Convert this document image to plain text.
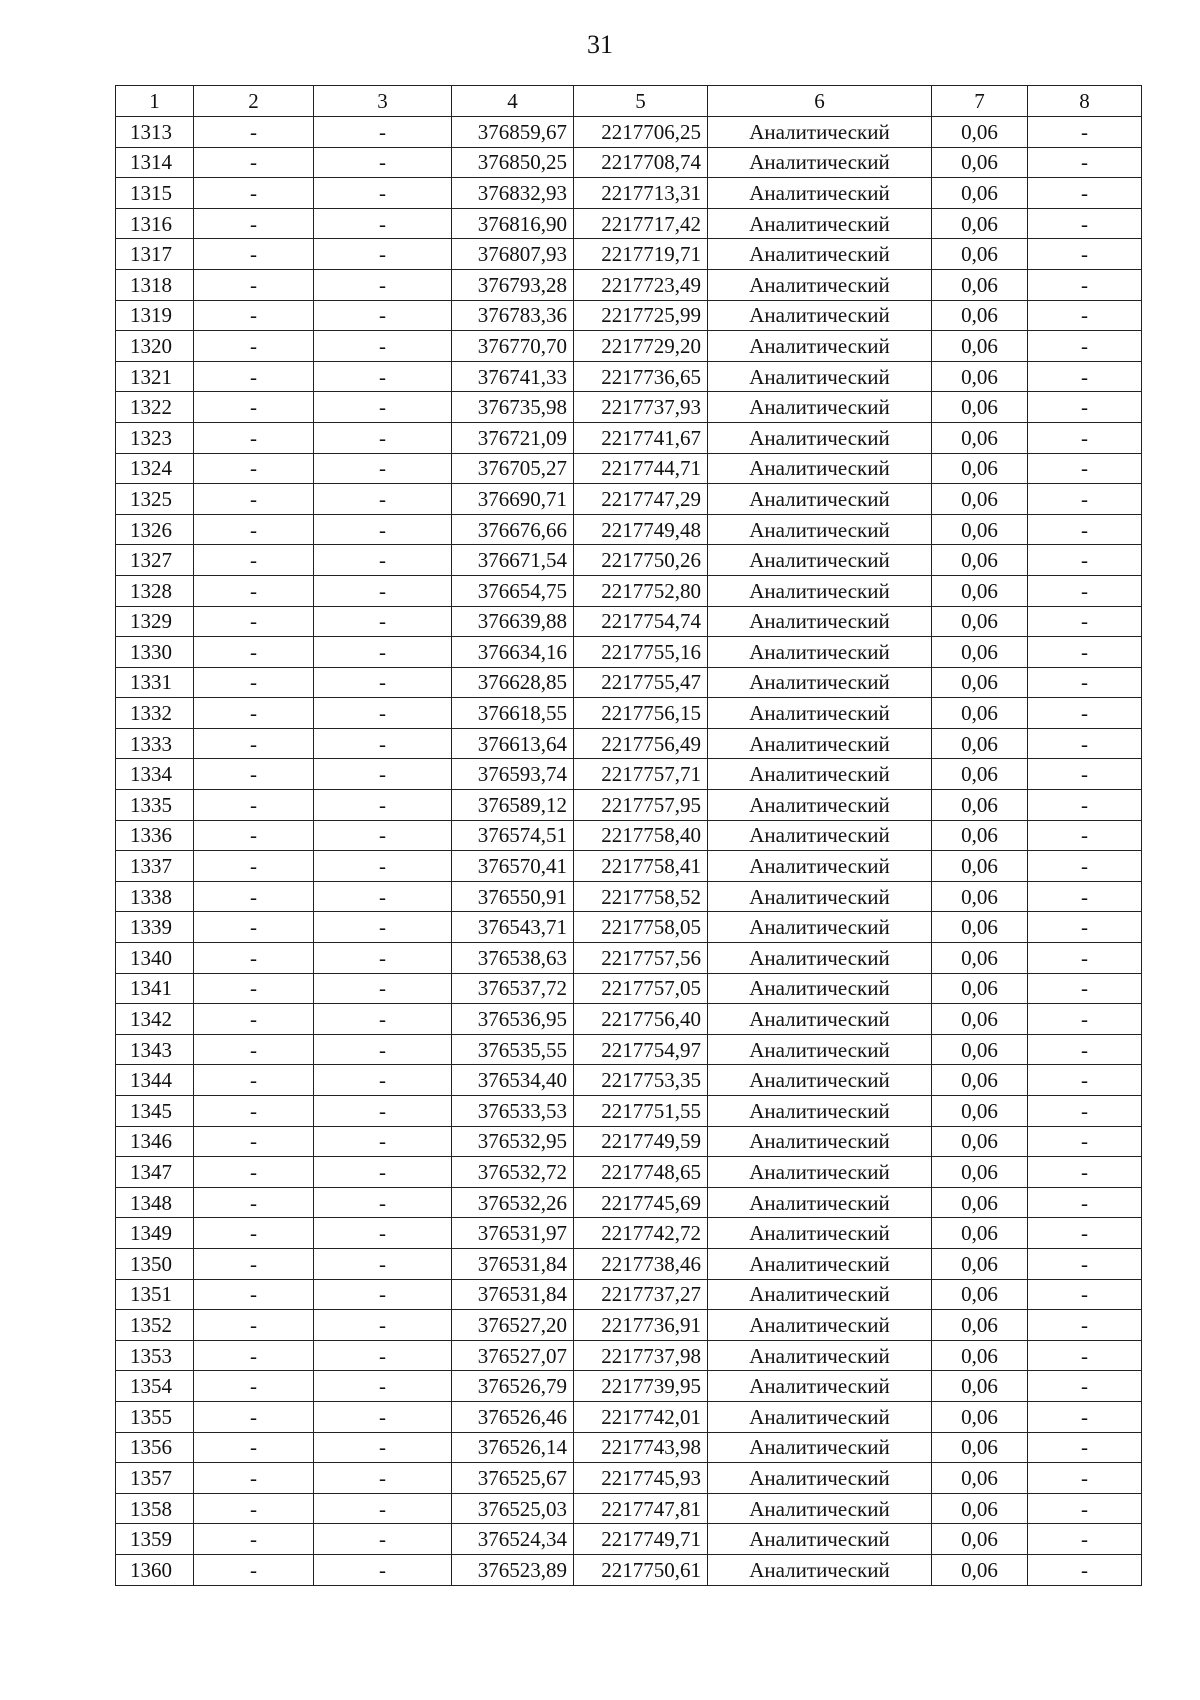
31
1	2	3	4	5	6	7	8
1313	-	-	376859,67	2217706,25	Аналитический	0,06	-
1314	-	-	376850,25	2217708,74	Аналитический	0,06	-
1315	-	-	376832,93	2217713,31	Аналитический	0,06	-
1316	-	-	376816,90	2217717,42	Аналитический	0,06	-
1317	-	-	376807,93	2217719,71	Аналитический	0,06	-
1318	-	-	376793,28	2217723,49	Аналитический	0,06	-
1319	-	-	376783,36	2217725,99	Аналитический	0,06	-
1320	-	-	376770,70	2217729,20	Аналитический	0,06	-
1321	-	-	376741,33	2217736,65	Аналитический	0,06	-
1322	-	-	376735,98	2217737,93	Аналитический	0,06	-
1323	-	-	376721,09	2217741,67	Аналитический	0,06	-
1324	-	-	376705,27	2217744,71	Аналитический	0,06	-
1325	-	-	376690,71	2217747,29	Аналитический	0,06	-
1326	-	-	376676,66	2217749,48	Аналитический	0,06	-
1327	-	-	376671,54	2217750,26	Аналитический	0,06	-
1328	-	-	376654,75	2217752,80	Аналитический	0,06	-
1329	-	-	376639,88	2217754,74	Аналитический	0,06	-
1330	-	-	376634,16	2217755,16	Аналитический	0,06	-
1331	-	-	376628,85	2217755,47	Аналитический	0,06	-
1332	-	-	376618,55	2217756,15	Аналитический	0,06	-
1333	-	-	376613,64	2217756,49	Аналитический	0,06	-
1334	-	-	376593,74	2217757,71	Аналитический	0,06	-
1335	-	-	376589,12	2217757,95	Аналитический	0,06	-
1336	-	-	376574,51	2217758,40	Аналитический	0,06	-
1337	-	-	376570,41	2217758,41	Аналитический	0,06	-
1338	-	-	376550,91	2217758,52	Аналитический	0,06	-
1339	-	-	376543,71	2217758,05	Аналитический	0,06	-
1340	-	-	376538,63	2217757,56	Аналитический	0,06	-
1341	-	-	376537,72	2217757,05	Аналитический	0,06	-
1342	-	-	376536,95	2217756,40	Аналитический	0,06	-
1343	-	-	376535,55	2217754,97	Аналитический	0,06	-
1344	-	-	376534,40	2217753,35	Аналитический	0,06	-
1345	-	-	376533,53	2217751,55	Аналитический	0,06	-
1346	-	-	376532,95	2217749,59	Аналитический	0,06	-
1347	-	-	376532,72	2217748,65	Аналитический	0,06	-
1348	-	-	376532,26	2217745,69	Аналитический	0,06	-
1349	-	-	376531,97	2217742,72	Аналитический	0,06	-
1350	-	-	376531,84	2217738,46	Аналитический	0,06	-
1351	-	-	376531,84	2217737,27	Аналитический	0,06	-
1352	-	-	376527,20	2217736,91	Аналитический	0,06	-
1353	-	-	376527,07	2217737,98	Аналитический	0,06	-
1354	-	-	376526,79	2217739,95	Аналитический	0,06	-
1355	-	-	376526,46	2217742,01	Аналитический	0,06	-
1356	-	-	376526,14	2217743,98	Аналитический	0,06	-
1357	-	-	376525,67	2217745,93	Аналитический	0,06	-
1358	-	-	376525,03	2217747,81	Аналитический	0,06	-
1359	-	-	376524,34	2217749,71	Аналитический	0,06	-
1360	-	-	376523,89	2217750,61	Аналитический	0,06	-
